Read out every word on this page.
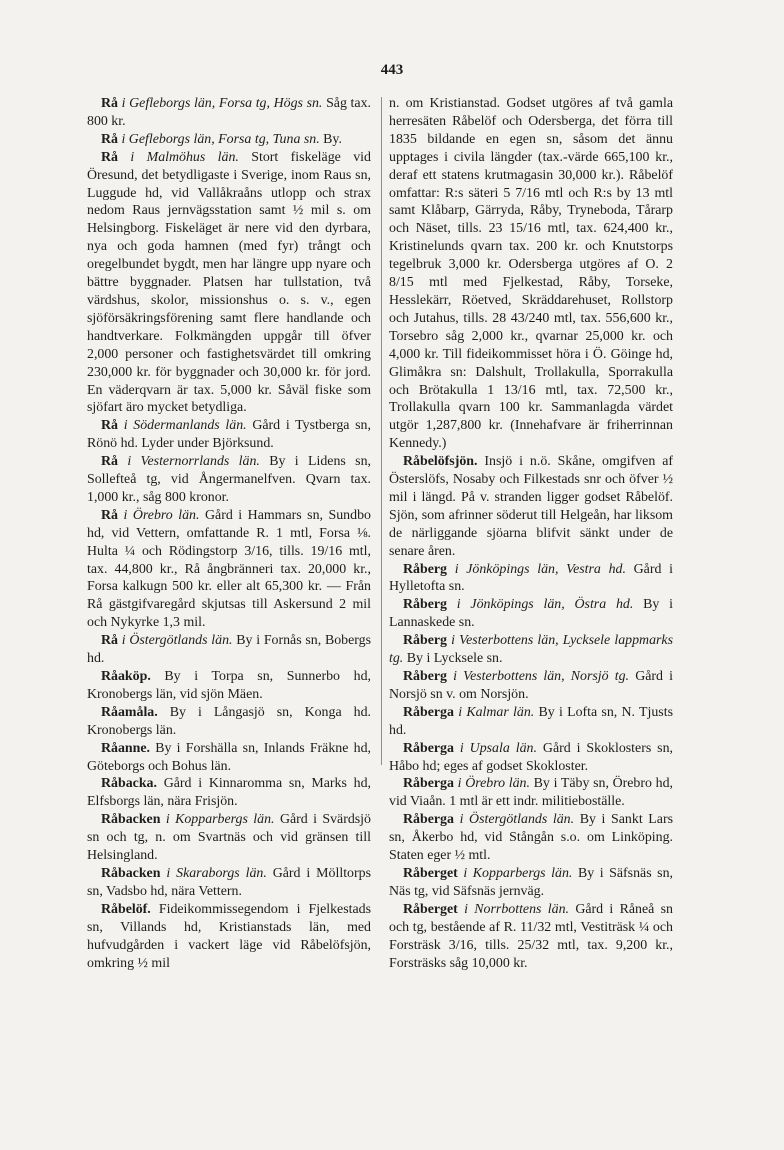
443

Rå i Gefleborgs län, Forsa tg, Högs sn. Såg tax. 800 kr.

Rå i Gefleborgs län, Forsa tg, Tuna sn. By.

Rå i Malmöhus län. Stort fiskeläge vid Öresund, det betydligaste i Sverige, inom Raus sn, Luggude hd, vid Vallåkraåns utlopp och strax nedom Raus jernvägsstation samt ½ mil s. om Helsingborg. Fiskeläget är nere vid den dyrbara, nya och goda hamnen (med fyr) trångt och oregelbundet bygdt, men har längre upp nyare och bättre byggnader. Platsen har tullstation, två värdshus, skolor, missionshus o. s. v., egen sjöförsäkringsförening samt flere handlande och handtverkare. Folkmängden uppgår till öfver 2,000 personer och fastighetsvärdet till omkring 230,000 kr. för byggnader och 30,000 kr. för jord. En väderqvarn är tax. 5,000 kr. Såväl fiske som sjöfart äro mycket betydliga.

Rå i Södermanlands län. Gård i Tystberga sn, Rönö hd. Lyder under Björksund.

Rå i Vesternorrlands län. By i Lidens sn, Sollefteå tg, vid Ångermanelfven. Qvarn tax. 1,000 kr., såg 800 kronor.

Rå i Örebro län. Gård i Hammars sn, Sundbo hd, vid Vettern, omfattande R. 1 mtl, Forsa ⅛. Hulta ¼ och Rödingstorp 3/16, tills. 19/16 mtl, tax. 44,800 kr., Rå ångbränneri tax. 20,000 kr., Forsa kalkugn 500 kr. eller alt 65,300 kr. — Från Rå gästgifvaregård skjutsas till Askersund 2 mil och Nykyrke 1,3 mil.

Rå i Östergötlands län. By i Fornås sn, Bobergs hd.

Råaköp. By i Torpa sn, Sunnerbo hd, Kronobergs län, vid sjön Mäen.

Råamåla. By i Långasjö sn, Konga hd. Kronobergs län.

Råanne. By i Forshälla sn, Inlands Fräkne hd, Göteborgs och Bohus län.

Råbacka. Gård i Kinnaromma sn, Marks hd, Elfsborgs län, nära Frisjön.

Råbacken i Kopparbergs län. Gård i Svärdsjö sn och tg, n. om Svartnäs och vid gränsen till Helsingland.

Råbacken i Skaraborgs län. Gård i Mölltorps sn, Vadsbo hd, nära Vettern.

Råbelöf. Fideikommissegendom i Fjelkestads sn, Villands hd, Kristianstads län, med hufvudgården i vackert läge vid Råbelöfsjön, omkring ½ mil

n. om Kristianstad. Godset utgöres af två gamla herresäten Råbelöf och Odersberga, det förra till 1835 bildande en egen sn, såsom det ännu upptages i civila längder (tax.-värde 665,100 kr., deraf ett statens krutmagasin 30,000 kr.). Råbelöf omfattar: R:s säteri 5 7/16 mtl och R:s by 13 mtl samt Klåbarp, Gärryda, Råby, Tryneboda, Tårarp och Näset, tills. 23 15/16 mtl, tax. 624,400 kr., Kristinelunds qvarn tax. 200 kr. och Knutstorps tegelbruk 3,000 kr. Odersberga utgöres af O. 2 8/15 mtl med Fjelkestad, Råby, Torseke, Hesslekärr, Röetved, Skräddarehuset, Rollstorp och Jutahus, tills. 28 43/240 mtl, tax. 556,600 kr., Torsebro såg 2,000 kr., qvarnar 25,000 kr. och 4,000 kr. Till fideikommisset höra i Ö. Göinge hd, Glimåkra sn: Dalshult, Trollakulla, Sporrakulla och Brötakulla 1 13/16 mtl, tax. 72,500 kr., Trollakulla qvarn 100 kr. Sammanlagda värdet utgör 1,287,800 kr. (Innehafvare är friherrinnan Kennedy.)

Råbelöfsjön. Insjö i n.ö. Skåne, omgifven af Österslöfs, Nosaby och Filkestads snr och öfver ½ mil i längd. På v. stranden ligger godset Råbelöf. Sjön, som afrinner söderut till Helgeån, har liksom de närliggande sjöarna blifvit sänkt under de senare åren.

Råberg i Jönköpings län, Vestra hd. Gård i Hylletofta sn.

Råberg i Jönköpings län, Östra hd. By i Lannaskede sn.

Råberg i Vesterbottens län, Lycksele lappmarks tg. By i Lycksele sn.

Råberg i Vesterbottens län, Norsjö tg. Gård i Norsjö sn v. om Norsjön.

Råberga i Kalmar län. By i Lofta sn, N. Tjusts hd.

Råberga i Upsala län. Gård i Skoklosters sn, Håbo hd; eges af godset Skokloster.

Råberga i Örebro län. By i Täby sn, Örebro hd, vid Viaån. 1 mtl är ett indr. militieboställe.

Råberga i Östergötlands län. By i Sankt Lars sn, Åkerbo hd, vid Stångån s.o. om Linköping. Staten eger ½ mtl.

Råberget i Kopparbergs län. By i Säfsnäs sn, Näs tg, vid Säfsnäs jernväg.

Råberget i Norrbottens län. Gård i Råneå sn och tg, bestående af R. 11/32 mtl, Vestiträsk ¼ och Forsträsk 3/16, tills. 25/32 mtl, tax. 9,200 kr., Forsträsks såg 10,000 kr.
